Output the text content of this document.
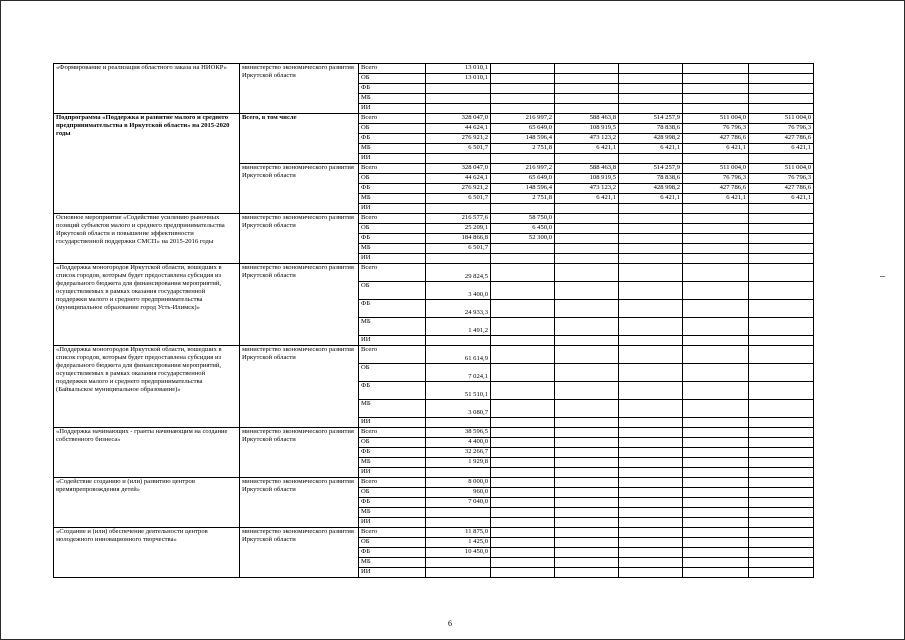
«Формирование и реализация областного заказа на НИОКР»	министерство экономического развития Иркутской области	Всего	13 010,1					
		ОБ	13 010,1					
		ФБ						
		МБ						
		ИИ						
Подпрограмма «Поддержка и развитие малого и среднего предпринимательства в Иркутской области» на 2015-2020 годы	Всего, в том числе	Всего	328 047,0	216 997,2	588 463,8	514 257,9	511 004,0	511 004,0
		ОБ	44 624,1	65 649,0	108 919,5	78 838,6	76 796,3	76 796,3
		ФБ	276 921,2	148 596,4	473 123,2	428 998,2	427 786,6	427 786,6
		МБ	6 501,7	2 751,8	6 421,1	6 421,1	6 421,1	6 421,1
		ИИ						
	министерство экономического развития Иркутской области	Всего	328 047,0	216 997,2	588 463,8	514 257,9	511 004,0	511 004,0
		ОБ	44 624,1	65 649,0	108 919,5	78 838,6	76 796,3	76 796,3
		ФБ	276 921,2	148 596,4	473 123,2	428 998,2	427 786,6	427 786,6
		МБ	6 501,7	2 751,8	6 421,1	6 421,1	6 421,1	6 421,1
		ИИ						
Основное мероприятие «Содействие усилению рыночных позиций субъектов малого и среднего предпринимательства Иркутской области и повышение эффективности государственной поддержки СМСП» на 2015-2016 годы	министерство экономического развития Иркутской области	Всего	216 577,6	58 750,0				
		ОБ	25 209,1	6 450,0				
		ФБ	184 866,8	52 300,0				
		МБ	6 501,7					
		ИИ						
«Поддержка моногородов Иркутской области, вошедших в список городов, которым будет предоставлена субсидия из федерального бюджета для финансирования мероприятий, осуществляемых в рамках оказания государственной поддержки малого и среднего предпринимательства (муниципальное образование город Усть-Илимск)»	министерство экономического развития Иркутской области	Всего	29 824,5					
		ОБ	3 400,0					
		ФБ	24 933,3					
		МБ	1 491,2					
		ИИ						
«Поддержка моногородов Иркутской области, вошедших в список городов, которым будет предоставлена субсидия из федерального бюджета для финансирования мероприятий, осуществляемых в рамках оказания государственной поддержки малого и среднего предпринимательства (Байкальское муниципальное образование)»	министерство экономического развития Иркутской области	Всего	61 614,9					
		ОБ	7 024,1					
		ФБ	51 510,1					
		МБ	3 080,7					
		ИИ						
«Поддержка начинающих - гранты начинающим на создание собственного бизнеса»	министерство экономического развития Иркутской области	Всего	38 596,5					
		ОБ	4 400,0					
		ФБ	32 266,7					
		МБ	1 929,8					
		ИИ						
«Содействие созданию и (или) развитию центров времяпрепровождения детей»	министерство экономического развития Иркутской области	Всего	8 000,0					
		ОБ	960,0					
		ФБ	7 040,0					
		МБ						
		ИИ						
«Создание и (или) обеспечение деятельности центров молодежного инновационного творчества»	министерство экономического развития Иркутской области	Всего	11 875,0					
		ОБ	1 425,0					
		ФБ	10 450,0					
		МБ						
		ИИ						
6
